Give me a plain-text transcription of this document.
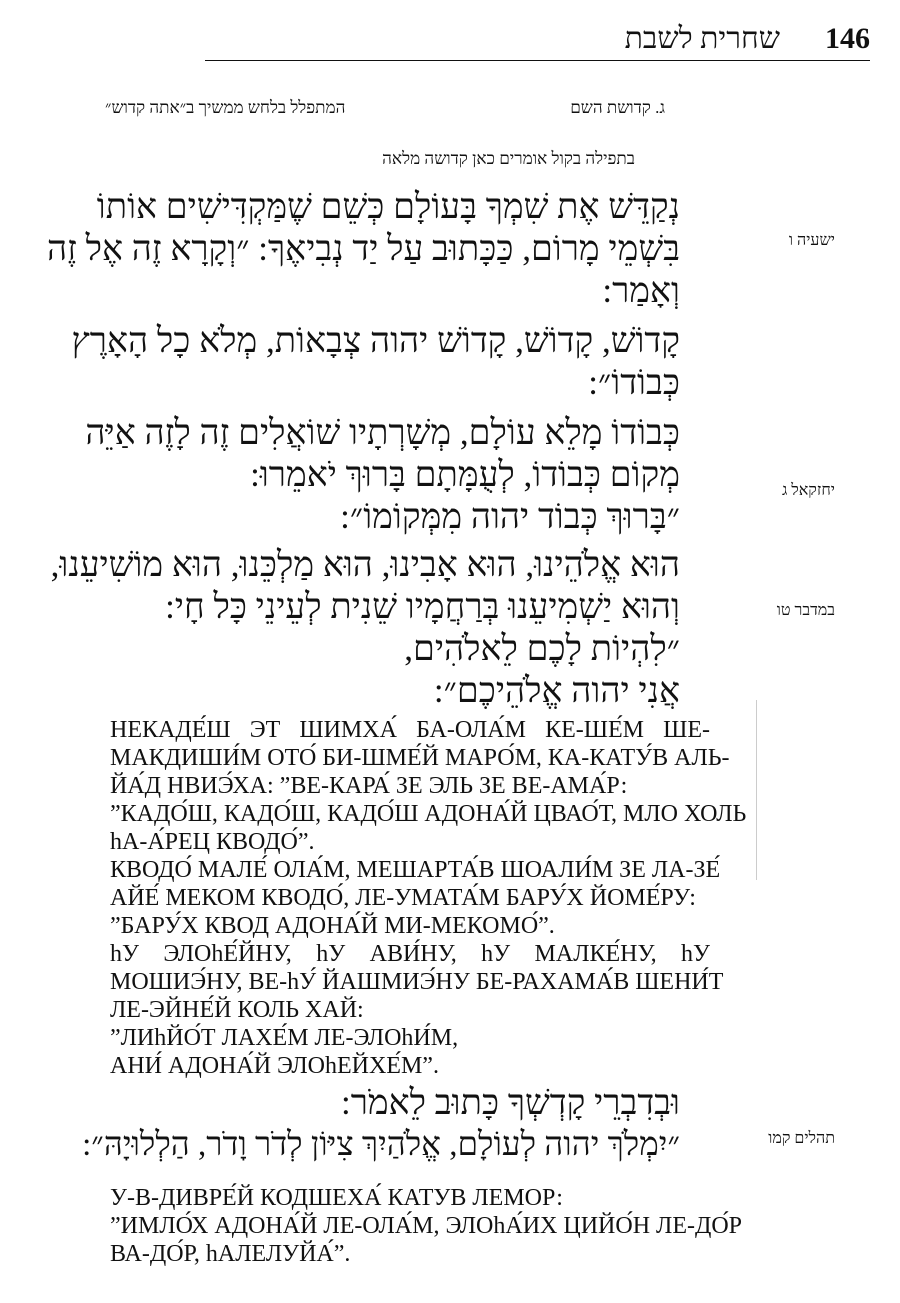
146
שחרית לשבת
ג. קדושת השם
המתפלל בלחש ממשיך ב״אתה קדוש״
בתפילה בקול אומרים כאן קדושה מלאה
נְקַדֵּשׁ אֶת שִׁמְךָ בָּעוֹלָם כְּשֵׁם שֶׁמַּקְדִּישִׁים אוֹתוֹ
בִּשְׁמֵי מָרוֹם, כַּכָּתוּב עַל יַד נְבִיאֶךָ: ״וְקָרָא זֶה אֶל זֶה
וְאָמַר:
קָדוֹשׁ, קָדוֹשׁ, קָדוֹשׁ יהוה צְבָאוֹת, מְלֹא כָל הָאָרֶץ
כְּבוֹדוֹ״:
כְּבוֹדוֹ מָלֵא עוֹלָם, מְשָׁרְתָיו שׁוֹאֲלִים זֶה לָזֶה אַיֵּה
מְקוֹם כְּבוֹדוֹ, לְעֻמָּתָם בָּרוּךְ יֹאמֵרוּ:
״בָּרוּךְ כְּבוֹד יהוה מִמְּקוֹמוֹ״:
הוּא אֱלֹהֵינוּ, הוּא אָבִינוּ, הוּא מַלְכֵּנוּ, הוּא מוֹשִׁיעֵנוּ,
וְהוּא יַשְׁמִיעֵנוּ בְּרַחֲמָיו שֵׁנִית לְעֵינֵי כָּל חָי:
״לִהְיוֹת לָכֶם לֵאלֹהִים,
אֲנִי יהוה אֱלֹהֵיכֶם״:
ישעיה ו
יחזקאל ג
במדבר טו
תהלים קמו
НЕКАДЕ́Ш ЭТ ШИМХА́ БА-ОЛА́М КЕ-ШЕ́М ШЕ-
МАКДИШИ́М ОТО́ БИ-ШМЕ́Й МАРО́М, КА-КАТУ́В АЛЬ-
ЙА́Д НВИЭ́ХА: ”ВЕ-КАРА́ ЗЕ ЭЛЬ ЗЕ ВЕ-АМА́Р:
”КАДО́Ш, КАДО́Ш, КАДО́Ш АДОНА́Й ЦВАО́Т, МЛО ХОЛЬ
hА-А́РЕЦ КВОДО́”.
КВОДО́ МАЛЕ́ ОЛА́М, МЕШАРТА́В ШОАЛИ́М ЗЕ ЛА-ЗЕ́
АЙЕ́ МЕКОМ КВОДО́, ЛЕ-УМАТА́М БАРУ́Х ЙОМЕ́РУ:
”БАРУ́Х КВОД АДОНА́Й МИ-МЕКОМО́”.
hУ ЭЛОhЕ́ЙНУ, hУ АВИ́НУ, hУ МАЛКЕ́НУ, hУ
МОШИЭ́НУ, ВЕ-hУ́ ЙАШМИЭ́НУ БЕ-РАХАМА́В ШЕНИ́Т
ЛЕ-ЭЙНЕ́Й КОЛЬ ХАЙ:
”ЛИhЙО́Т ЛАХЕ́М ЛЕ-ЭЛОhИ́М,
АНИ́ АДОНА́Й ЭЛОhЕЙХЕ́М”.
וּבְדִבְרֵי קָדְשְׁךָ כָּתוּב לֵאמֹר:
״יִמְלֹךְ יהוה לְעוֹלָם, אֱלֹהַיִךְ צִיּוֹן לְדֹר וָדֹר, הַלְלוּיָהּ״:
У-В-ДИВРЕ́Й КОДШЕХА́ КАТУВ ЛЕМОР:
”ИМЛО́Х АДОНА́Й ЛЕ-ОЛА́М, ЭЛОhА́ИХ ЦИЙО́Н ЛЕ-ДО́Р
ВА-ДО́Р, hАЛЕЛУЙА́”.
